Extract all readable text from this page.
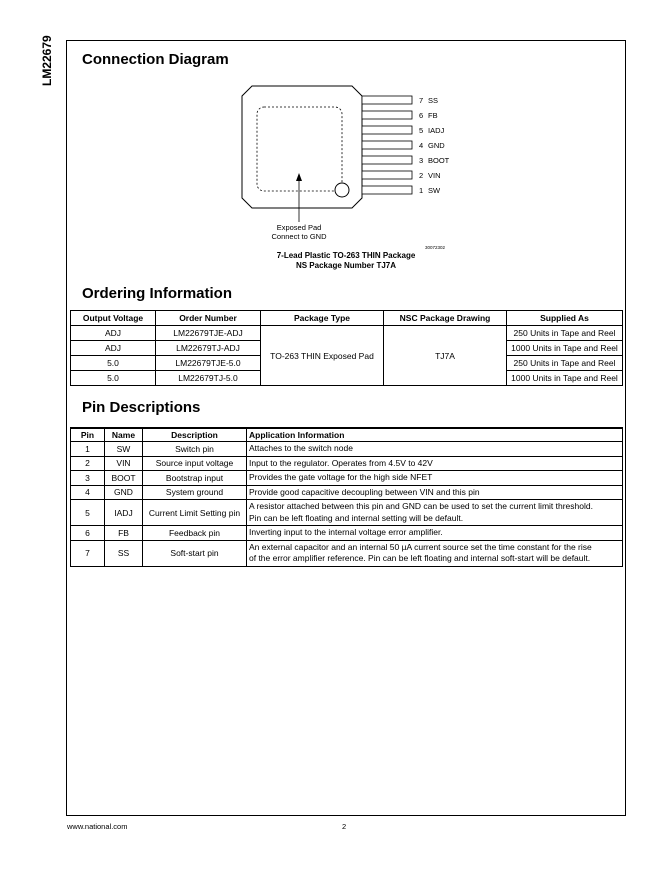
LM22679 Connection Diagram
7 SS
6 FB
5 IADJ
4 GND
3 BOOT
2 VIN
1 SW
Exposed Pad
Connect to GND
30072302
7-Lead Plastic TO-263 THIN Package
NS Package Number TJ7A
Ordering Information
Output Voltage	Order Number	Package Type	NSC Package Drawing	Supplied As
ADJ	LM22679TJE-ADJ	TO-263 THIN Exposed Pad	TJ7A	250 Units in Tape and Reel
ADJ	LM22679TJ-ADJ			1000 Units in Tape and Reel
5.0	LM22679TJE-5.0			250 Units in Tape and Reel
5.0	LM22679TJ-5.0			1000 Units in Tape and Reel
Pin Descriptions
Pin	Name	Description	Application Information
1	SW	Switch pin	Attaches to the switch node

2	VIN	Source input voltage	Input to the regulator. Operates from 4.5V to 42V

3	BOOT	Bootstrap input	Provides the gate voltage for the high side NFET

4	GND	System ground	Provide good capacitive decoupling between VIN and this pin

5	IADJ	Current Limit Setting pin	A resistor attached between this pin and GND can be used to set the current limit threshold.
Pin can be left floating and internal setting will be default.

6	FB	Feedback pin	Inverting input to the internal voltage error amplifier.

7	SS	Soft-start pin	An external capacitor and an internal 50 µA current source set the time constant for the rise
of the error amplifier reference. Pin can be left floating and internal soft-start will be default.
www.national.com	2
